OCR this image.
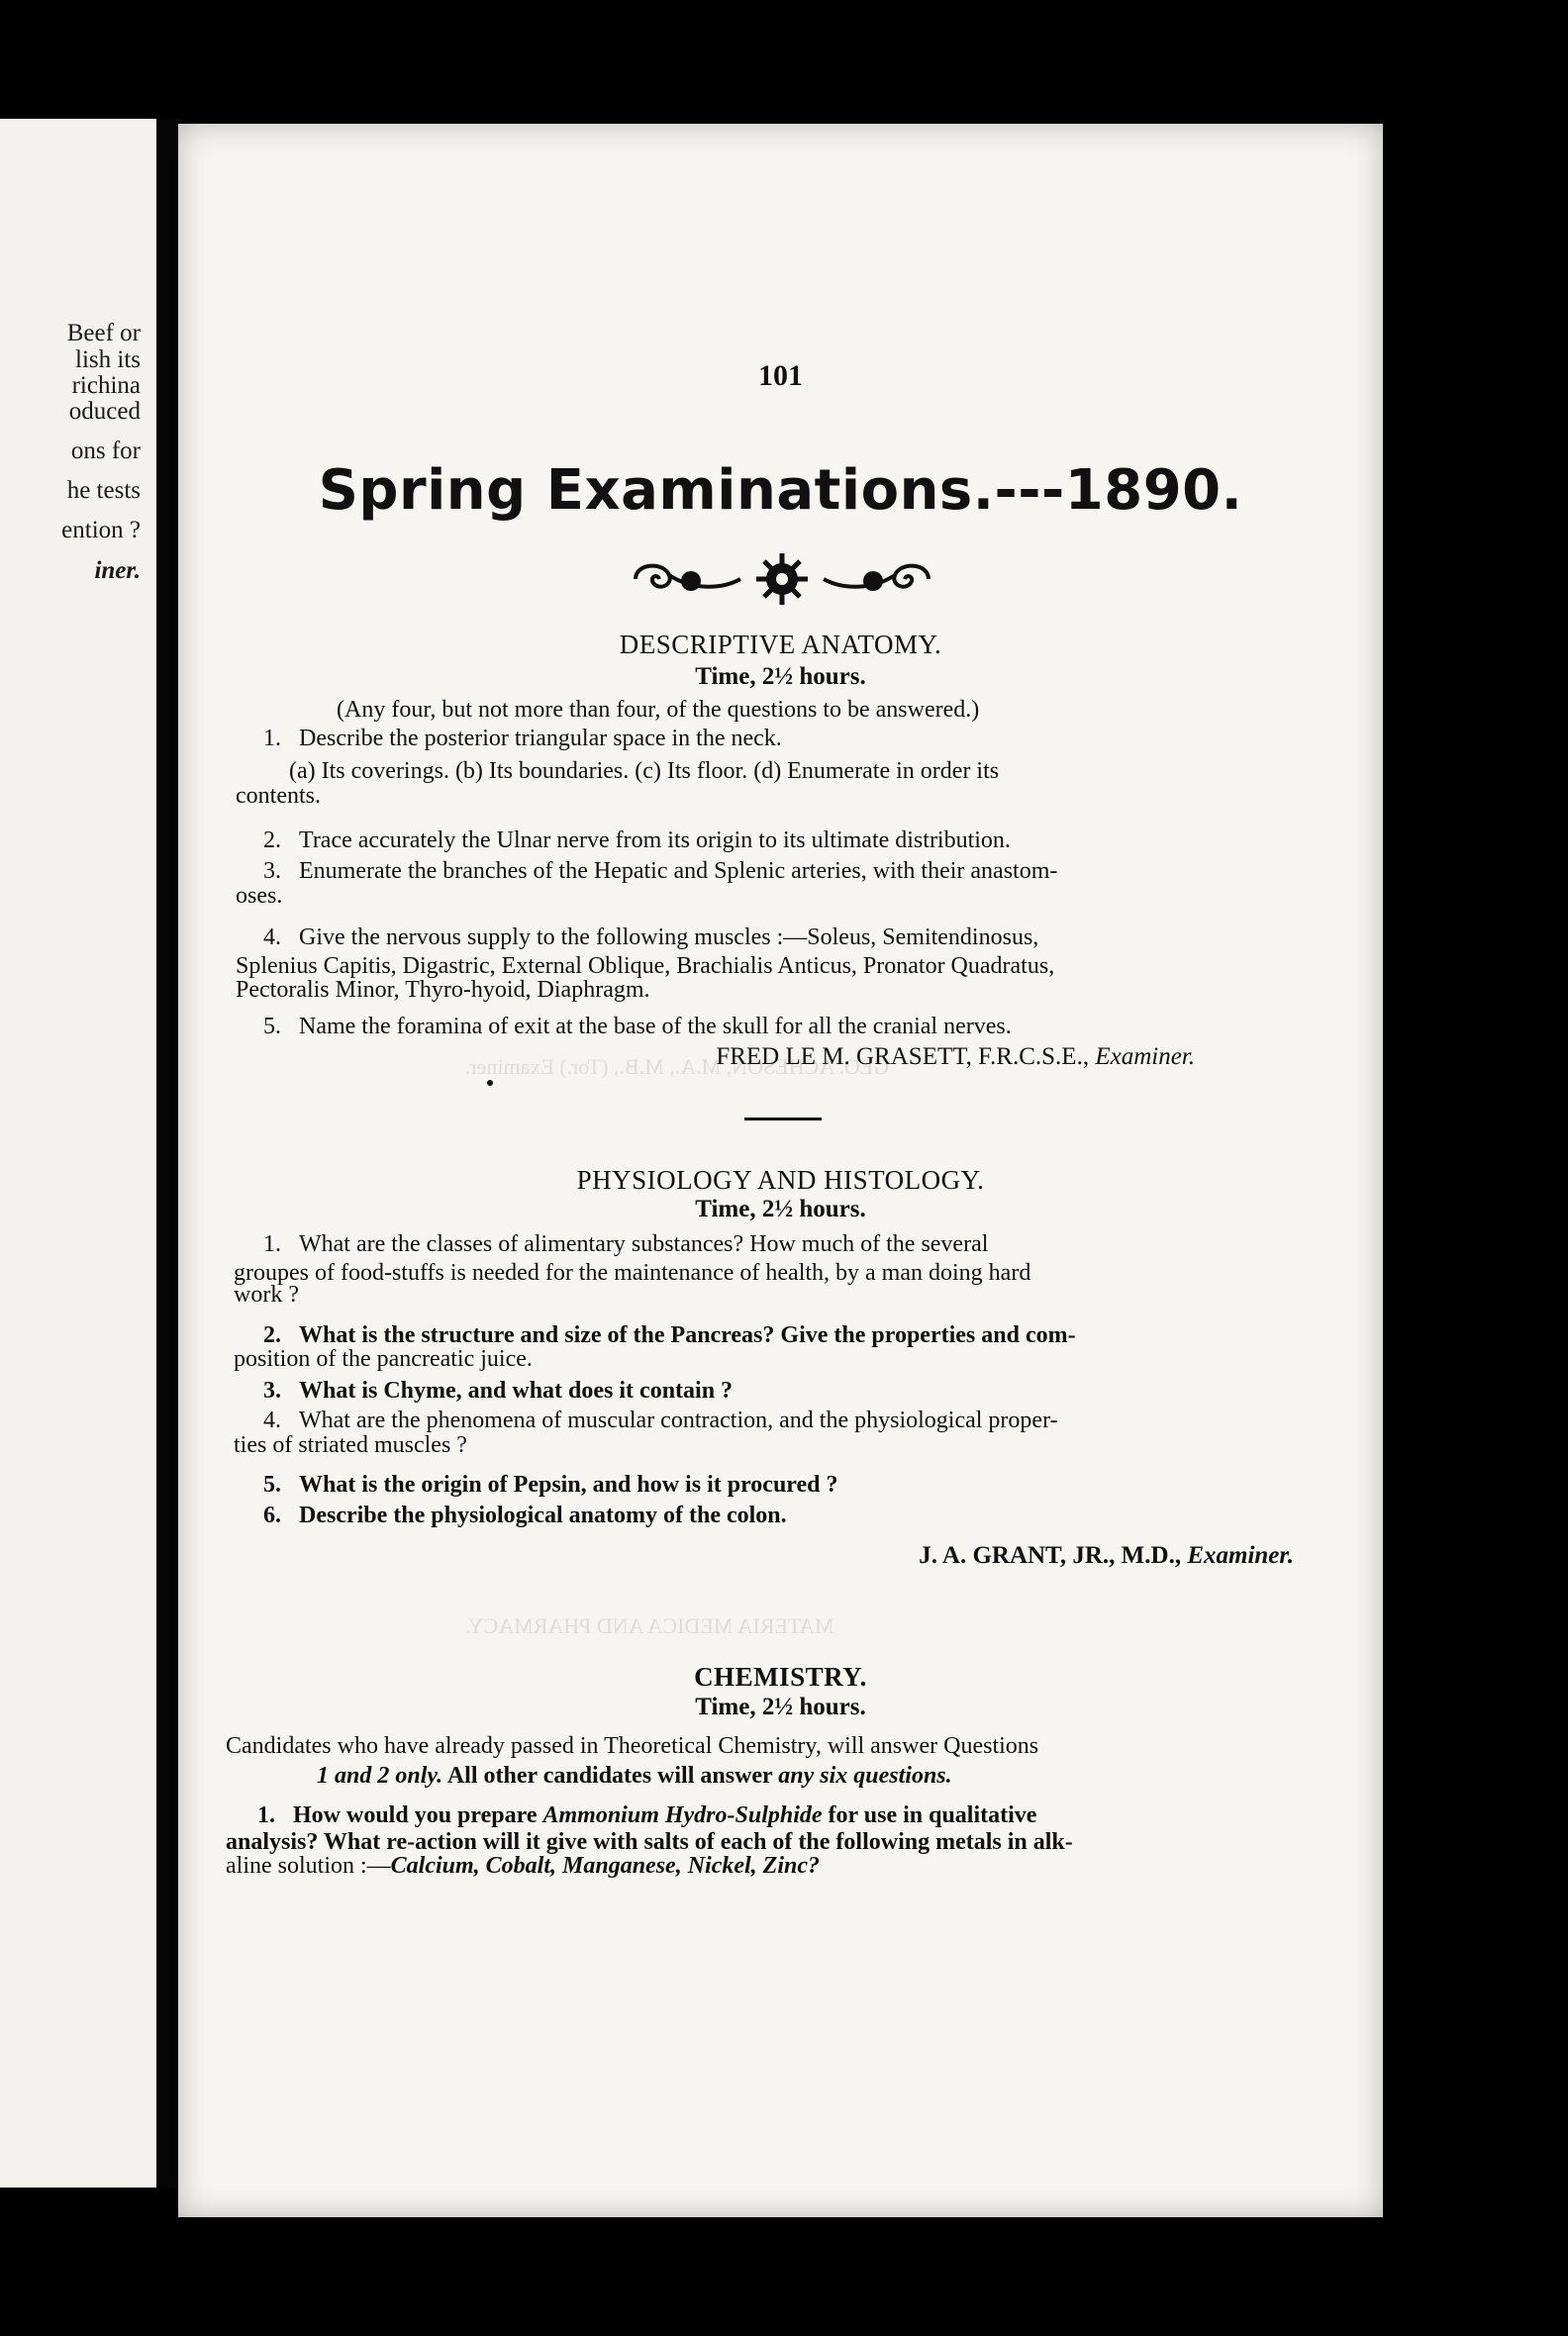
Beef or
lish its
richina
oduced
ons for
he tests
ention ?
iner.
GEO. ACHESON, M.A., M.B., (Tor.) Examiner.
MATERIA MEDICA AND PHARMACY.
101
Spring Examinations.---1890.
DESCRIPTIVE ANATOMY.
Time, 2½ hours.
(Any four, but not more than four, of the questions to be answered.)
1. Describe the posterior triangular space in the neck.
(a) Its coverings. (b) Its boundaries. (c) Its floor. (d) Enumerate in order its
contents.
2. Trace accurately the Ulnar nerve from its origin to its ultimate distribution.
3. Enumerate the branches of the Hepatic and Splenic arteries, with their anastom-
oses.
4. Give the nervous supply to the following muscles :—Soleus, Semitendinosus,
Splenius Capitis, Digastric, External Oblique, Brachialis Anticus, Pronator Quadratus,
Pectoralis Minor, Thyro-hyoid, Diaphragm.
5. Name the foramina of exit at the base of the skull for all the cranial nerves.
FRED LE M. GRASETT, F.R.C.S.E., Examiner.
PHYSIOLOGY AND HISTOLOGY.
Time, 2½ hours.
1. What are the classes of alimentary substances? How much of the several
groupes of food-stuffs is needed for the maintenance of health, by a man doing hard
work ?
2. What is the structure and size of the Pancreas? Give the properties and com-
position of the pancreatic juice.
3. What is Chyme, and what does it contain ?
4. What are the phenomena of muscular contraction, and the physiological proper-
ties of striated muscles ?
5. What is the origin of Pepsin, and how is it procured ?
6. Describe the physiological anatomy of the colon.
J. A. GRANT, JR., M.D., Examiner.
CHEMISTRY.
Time, 2½ hours.
Candidates who have already passed in Theoretical Chemistry, will answer Questions
1 and 2 only. All other candidates will answer any six questions.
1. How would you prepare Ammonium Hydro-Sulphide for use in qualitative
analysis? What re-action will it give with salts of each of the following metals in alk-
aline solution :—Calcium, Cobalt, Manganese, Nickel, Zinc?
